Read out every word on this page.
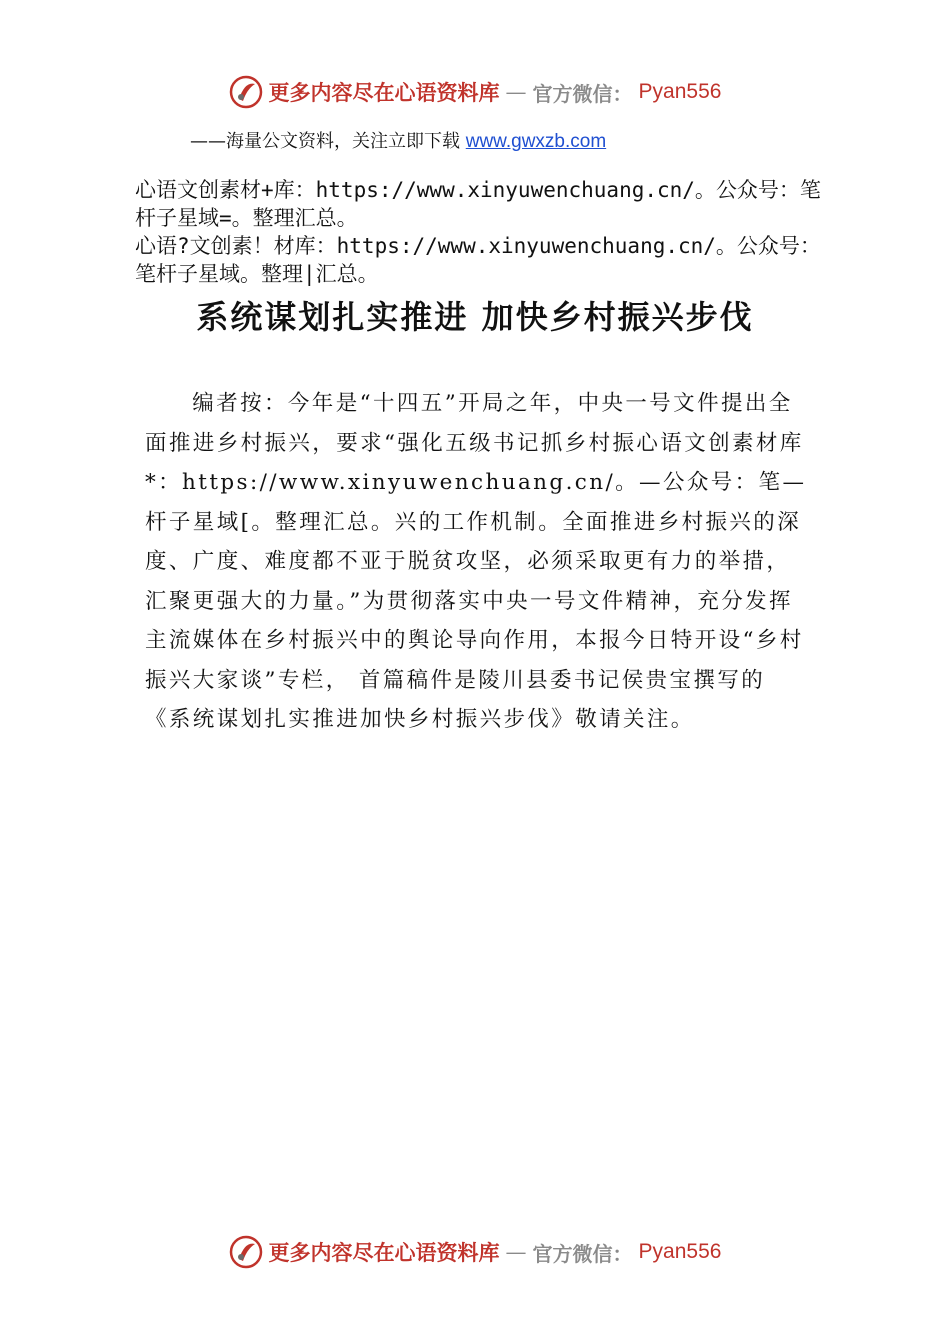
更多内容尽在心语资料库 — 官方微信： Pyan556
——海量公文资料，关注立即下载 www.gwxzb.com
心语文创素材+库：https://www.xinyuwenchuang.cn/。公众号：笔杆子星域=。整理汇总。
心语?文创素！材库：https://www.xinyuwenchuang.cn/。公众号：笔杆子星域。整理|汇总。
系统谋划扎实推进 加快乡村振兴步伐
编者按：今年是“十四五”开局之年，中央一号文件提出全面推进乡村振兴，要求“强化五级书记抓乡村振心语文创素材库*：https://www.xinyuwenchuang.cn/。—公众号：笔—杆子星域[。整理汇总。兴的工作机制。全面推进乡村振兴的深度、广度、难度都不亚于脱贫攻坚，必须采取更有力的举措，汇聚更强大的力量。”为贯彻落实中央一号文件精神，充分发挥主流媒体在乡村振兴中的舆论导向作用，本报今日特开设“乡村振兴大家谈”专栏， 首篇稿件是陵川县委书记侯贵宝撰写的《系统谋划扎实推进加快乡村振兴步伐》敬请关注。
更多内容尽在心语资料库 — 官方微信： Pyan556
